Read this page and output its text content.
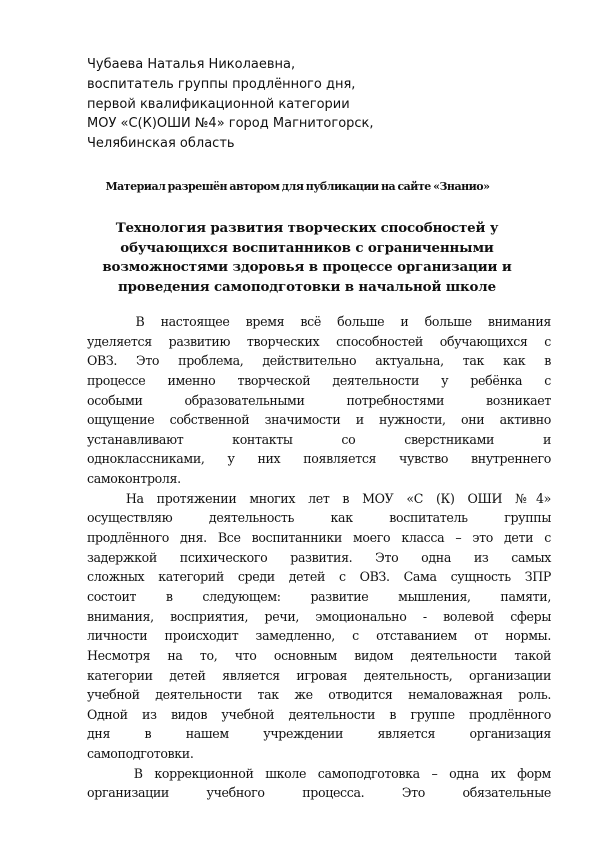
Чубаева Наталья Николаевна,
воспитатель группы продлённого дня,
первой квалификационной категории
МОУ «С(К)ОШИ №4» город Магнитогорск,
Челябинская область
Материал разрешён автором для публикации на сайте «Знанио»
Технология развития творческих способностей у
обучающихся воспитанников с ограниченными
возможностями здоровья в процессе организации и
проведения самоподготовки в начальной школе
В настоящее время всё больше и больше внимания
уделяется развитию творческих способностей обучающихся с
ОВЗ. Это проблема, действительно актуальна, так как в
процессе именно творческой деятельности у ребёнка с
особыми образовательными потребностями возникает
ощущение собственной значимости и нужности, они активно
устанавливают контакты со сверстниками и
одноклассниками, у них появляется чувство внутреннего
самоконтроля.
На протяжении многих лет в МОУ «С (К) ОШИ №4»
осуществляю деятельность как воспитатель группы
продлённого дня. Все воспитанники моего класса – это дети с
задержкой психического развития. Это одна из самых
сложных категорий среди детей с ОВЗ. Сама сущность ЗПР
состоит в следующем: развитие мышления, памяти,
внимания, восприятия, речи, эмоционально - волевой сферы
личности происходит замедленно, с отставанием от нормы.
Несмотря на то, что основным видом деятельности такой
категории детей является игровая деятельность, организации
учебной деятельности так же отводится немаловажная роль.
Одной из видов учебной деятельности в группе продлённого
дня в нашем учреждении является организация
самоподготовки.
В коррекционной школе самоподготовка – одна их форм
организации учебного процесса. Это обязательные
